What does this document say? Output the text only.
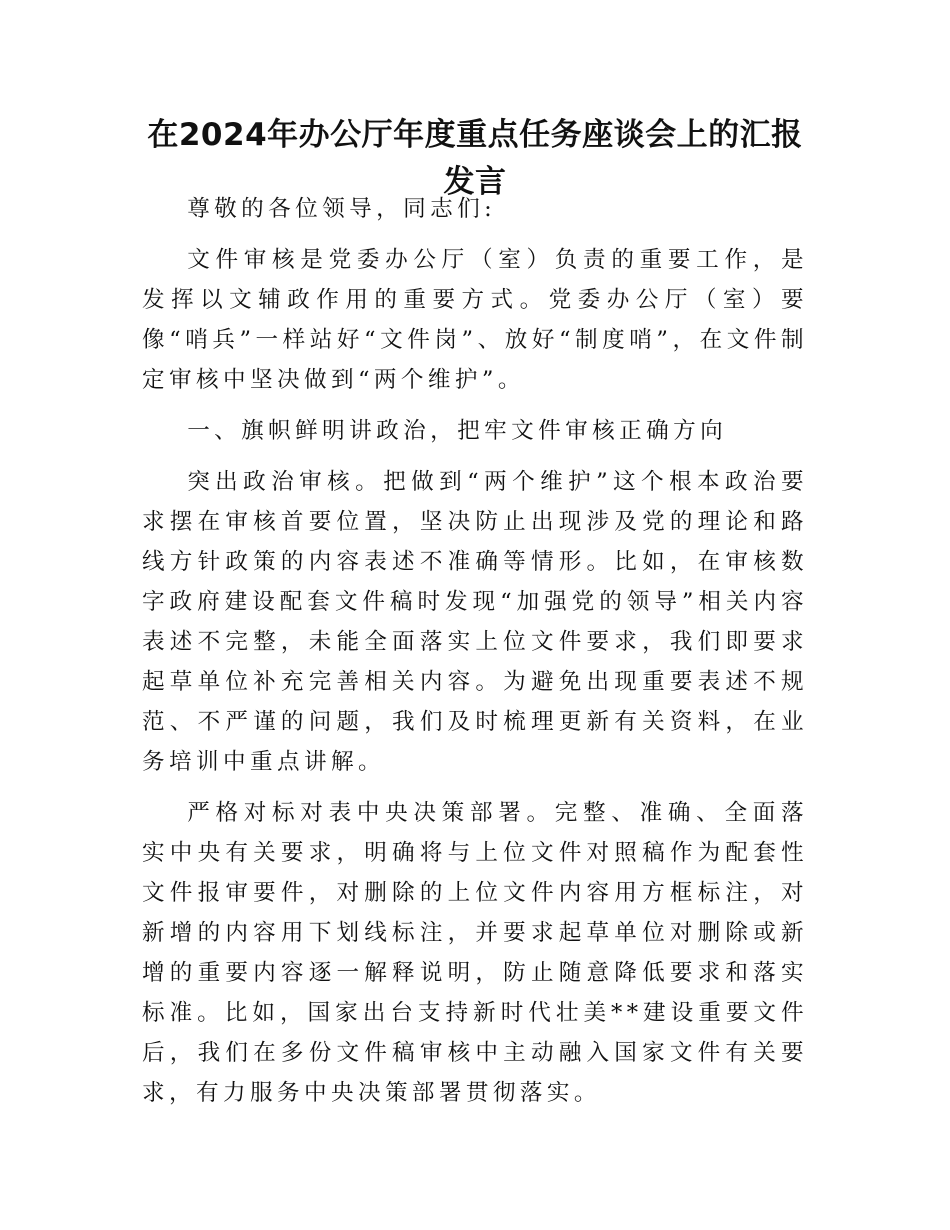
在2024年办公厅年度重点任务座谈会上的汇报发言

尊敬的各位领导，同志们:

文件审核是党委办公厅（室）负责的重要工作，是发挥以文辅政作用的重要方式。党委办公厅（室）要像“哨兵”一样站好“文件岗”、放好“制度哨”，在文件制定审核中坚决做到“两个维护”。

一、旗帜鲜明讲政治，把牢文件审核正确方向

突出政治审核。把做到“两个维护”这个根本政治要求摆在审核首要位置，坚决防止出现涉及党的理论和路线方针政策的内容表述不准确等情形。比如，在审核数字政府建设配套文件稿时发现“加强党的领导”相关内容表述不完整，未能全面落实上位文件要求，我们即要求起草单位补充完善相关内容。为避免出现重要表述不规范、不严谨的问题，我们及时梳理更新有关资料，在业务培训中重点讲解。

严格对标对表中央决策部署。完整、准确、全面落实中央有关要求，明确将与上位文件对照稿作为配套性文件报审要件，对删除的上位文件内容用方框标注，对新增的内容用下划线标注，并要求起草单位对删除或新增的重要内容逐一解释说明，防止随意降低要求和落实标准。比如，国家出台支持新时代壮美**建设重要文件后，我们在多份文件稿审核中主动融入国家文件有关要求，有力服务中央决策部署贯彻落实。
